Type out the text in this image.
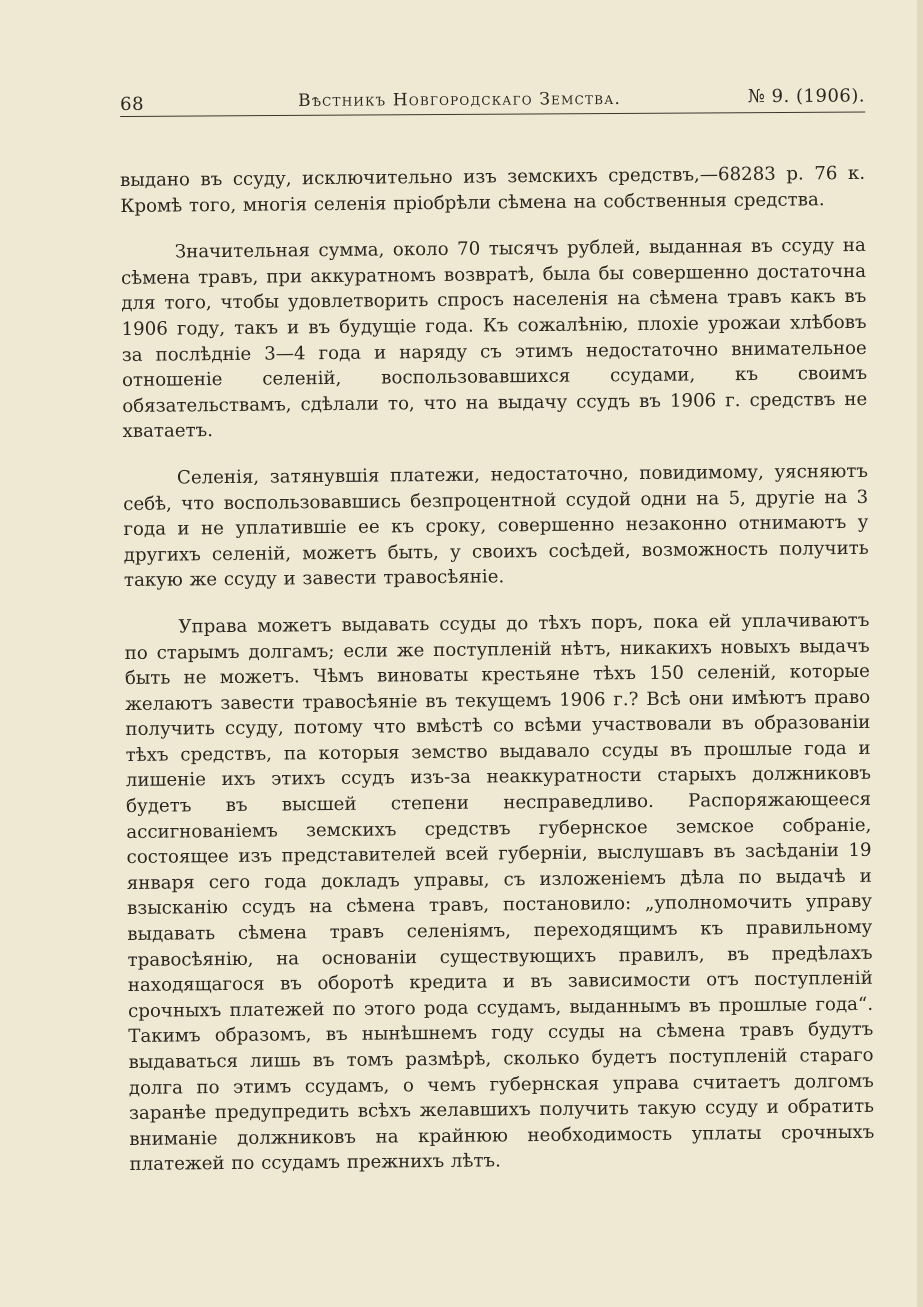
68	Вѣстникъ Новгородскаго Земства.	№ 9. (1906).

выдано въ ссуду, исключительно изъ земскихъ средствъ,—68283 р. 76 к. Кромѣ того, многія селенія пріобрѣли сѣмена на собственныя средства.

Значительная сумма, около 70 тысячъ рублей, выданная въ ссуду на сѣмена травъ, при аккуратномъ возвратѣ, была бы совершенно достаточна для того, чтобы удовлетворить спросъ населенія на сѣмена травъ какъ въ 1906 году, такъ и въ будущіе года. Къ сожалѣнію, плохіе урожаи хлѣбовъ за послѣдніе 3—4 года и наряду съ этимъ недостаточно внимательное отношеніе селеній, воспользовавшихся ссудами, къ своимъ обязательствамъ, сдѣлали то, что на выдачу ссудъ въ 1906 г. средствъ не хватаетъ.

Селенія, затянувшія платежи, недостаточно, повидимому, уясняютъ себѣ, что воспользовавшись безпроцентной ссудой одни на 5, другіе на 3 года и не уплатившіе ее къ сроку, совершенно незаконно отнимаютъ у другихъ селеній, можетъ быть, у своихъ сосѣдей, возможность получить такую же ссуду и завести травосѣяніе.

Управа можетъ выдавать ссуды до тѣхъ поръ, пока ей уплачиваютъ по старымъ долгамъ; если же поступленій нѣтъ, никакихъ новыхъ выдачъ быть не можетъ. Чѣмъ виноваты крестьяне тѣхъ 150 селеній, которые желаютъ завести травосѣяніе въ текущемъ 1906 г.? Всѣ они имѣютъ право получить ссуду, потому что вмѣстѣ со всѣми участвовали въ образованіи тѣхъ средствъ, па которыя земство выдавало ссуды въ прошлые года и лишеніе ихъ этихъ ссудъ изъ-за неаккуратности старыхъ должниковъ будетъ въ высшей степени несправедливо. Распоряжающееся ассигнованіемъ земскихъ средствъ губернское земское собраніе, состоящее изъ представителей всей губерніи, выслушавъ въ засѣданіи 19 января сего года докладъ управы, съ изложеніемъ дѣла по выдачѣ и взысканію ссудъ на сѣмена травъ, постановило: „уполномочить управу выдавать сѣмена травъ селеніямъ, переходящимъ къ правильному травосѣянію, на основаніи существующихъ правилъ, въ предѣлахъ находящагося въ оборотѣ кредита и въ зависимости отъ поступленій срочныхъ платежей по этого рода ссудамъ, выданнымъ въ прошлые года“. Такимъ образомъ, въ нынѣшнемъ году ссуды на сѣмена травъ будутъ выдаваться лишь въ томъ размѣрѣ, сколько будетъ поступленій стараго долга по этимъ ссудамъ, о чемъ губернская управа считаетъ долгомъ заранѣе предупредить всѣхъ желавшихъ получить такую ссуду и обратить вниманіе должниковъ на крайнюю необходимость уплаты срочныхъ платежей по ссудамъ прежнихъ лѣтъ.
